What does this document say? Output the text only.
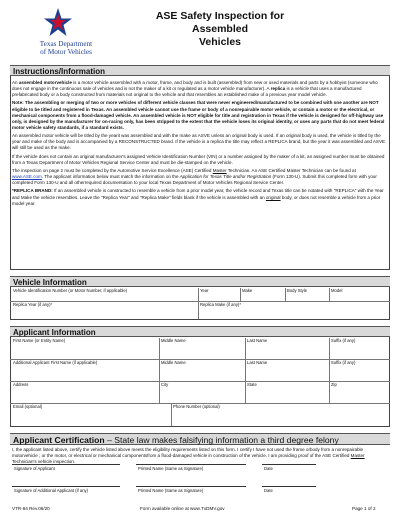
Texas Department
of Motor Vehicles
ASE Safety Inspection for Assembled
Vehicles
Instructions/Information

An assembled motorvehicle is a motor vehicle assembled with a motor, frame, and body and is built (assembled) from new or used materials and parts by a hobbyist (someone who does not engage in the continuous sale of vehicles and is not the maker of a kit or regulated as a motor vehicle manufacturer). A replica is a vehicle that uses a manufactured prefabricated body or a body constructed from materials not original to the vehicle and that resembles an established make of a previous year model vehicle.

Note: The assembling or merging of two or more vehicles of different vehicle classes that were never engineered/manufactured to be combined with one another are NOT eligible to be titled and registered in Texas. An assembled vehicle cannot use the frame or body of a nonrepairable motor vehicle, or contain a motor or the electrical, or mechanical components from a flood-damaged vehicle. An assembled vehicle is NOT eligible for title and registration in Texas if the vehicle is designed for off-highway use only, is designed by the manufacturer for on-racing only, has been stripped to the extent that the vehicle loses its original identity, or uses any parts that do not meet federal motor vehicle safety standards, if a standard exists.

An assembled motor vehicle will be titled by the yearit was assembled and with the make as ASVE unless an original body is used. If an original body is used, the vehicle is titled by the year and make of the body and is accompanied by a RECONSTRUCTED brand. If the vehicle is a replica the title may reflect a REPLICA brand, but the year it was assembled and ASVE will still be used as the make.

If the vehicle does not contain an original manufacturer's assigned Vehicle Identification Number (VIN) or a number assigned by the maker of a kit, an assigned number must be obtained from a Texas Department of Motor Vehicles Regional Service Center and must be die-stamped on the vehicle.

The inspection on page 2 must be completed by the Automotive Service Excellence (ASE) Certified Master Technician. An ASE Certified Master Technician can be found at www.ASE.com. The applicant information below must match the information on the Application for Texas Title and/or Registration (Form 130-U). Submit this completed form with your completed Form 130-U and all otherrequired documentation to your local Texas Department of Motor Vehicles Regional Service Center.

*REPLICA BRAND: If an assembled vehicle is constructed to resemble a vehicle from a prior model year, the vehicle record and Texas title can be notated with "REPLICA" with the Year and Make the vehicle resembles. Leave the "Replica Year" and "Replica Make" fields blank if the vehicle is assembled with an original body, or does not resemble a vehicle from a prior model year.

Vehicle Information
Vehicle Identification Number (or Motor Number, if applicable)	Year	Make	Body Style	Model
Replica Year (if any)*	Replica Make (if any)*
Applicant Information
First Name (or Entity Name)	Middle Name	Last Name	Suffix (if any)
Additional Applicant First Name (if applicable)	Middle Name	Last Name	Suffix (if any)
Address	City	State	Zip
Email (optional)	Phone Number (optional)
Applicant Certification – State law makes falsifying information a third degree felony
I, the applicant listed above, certify the vehicle listed above meets the eligibility requirements listed on this form. I certify I have not used the frame orbody from a nonrepairable motorvehicle ; or the motor, or electrical or mechanical componentsfrom a flood-damaged vehicle in construction of the vehicle. I am providing proof of the ASE Certified Master Technician's vehicle inspection.
Signature of Applicant	Printed Name (Same as Signature)	Date
Signature of Additional Applicant (if any)	Printed Name (Same as Signature)	Date
VTR-64 Rev.06/20	Form available online at www.TxDMV.gov	Page 1 of 2
